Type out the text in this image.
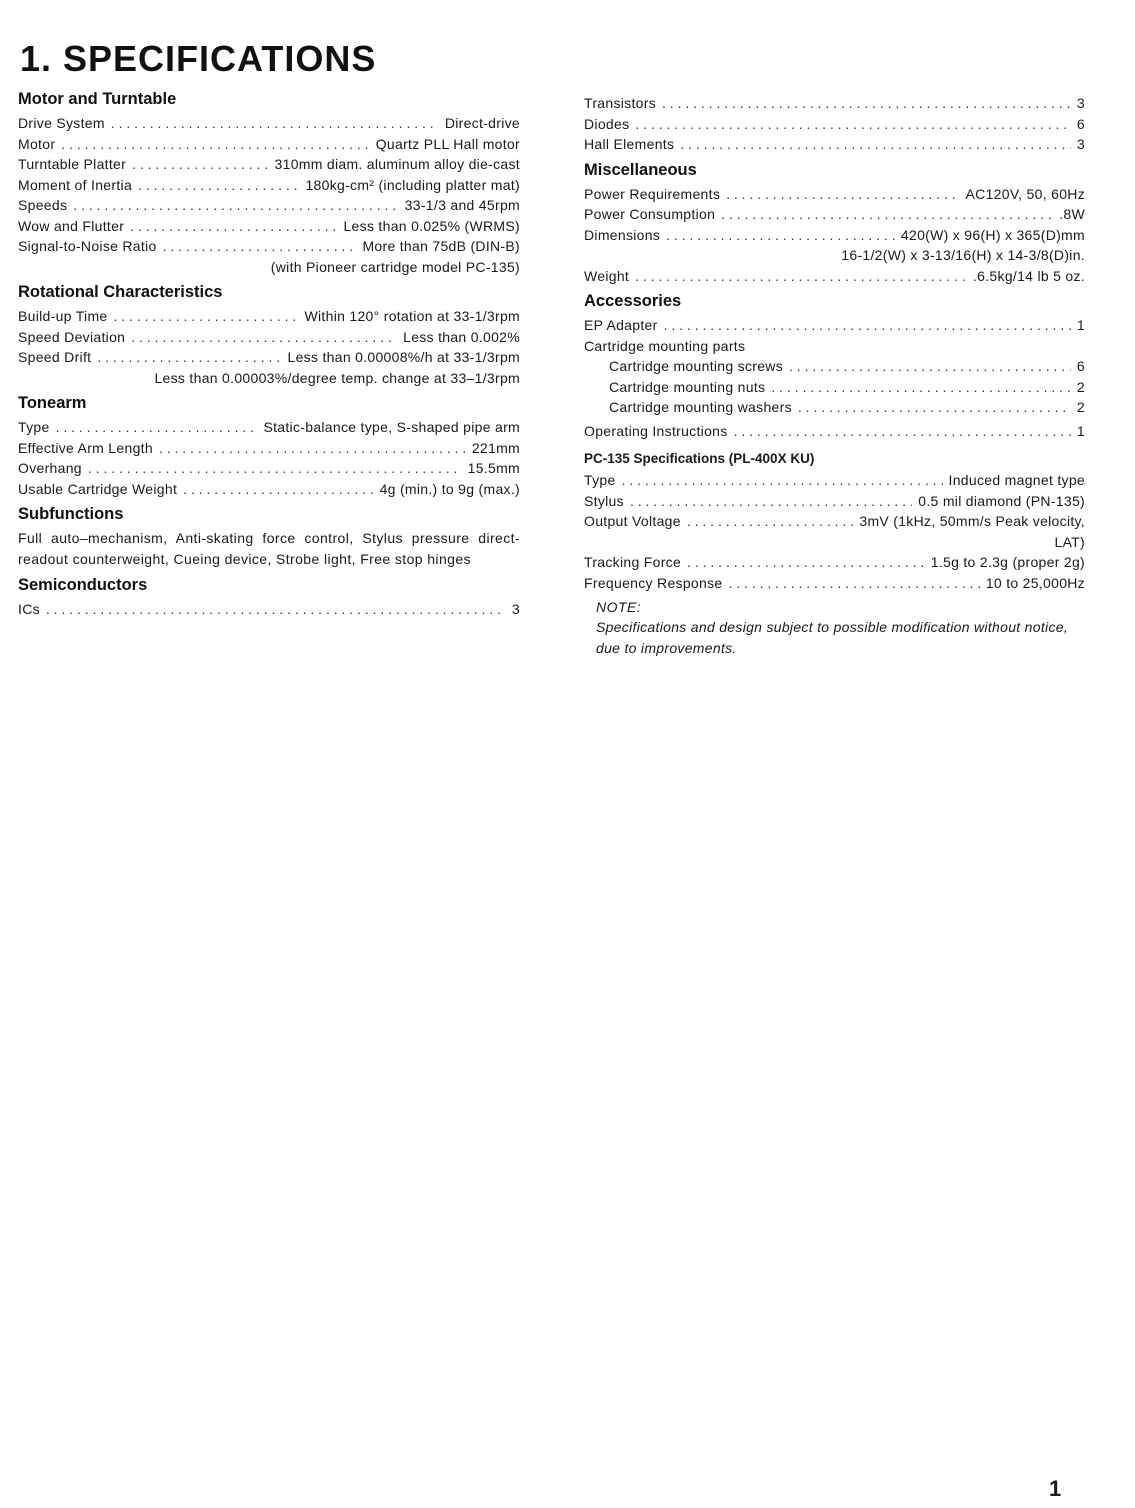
1. SPECIFICATIONS
Motor and Turntable
Drive System . . .	Direct-drive
Motor . . .	Quartz PLL Hall motor
Turntable Platter . . .	310mm diam. aluminum alloy die-cast
Moment of Inertia . . .	180kg-cm² (including platter mat)
Speeds . . .	33-1/3 and 45rpm
Wow and Flutter . . .	Less than 0.025% (WRMS)
Signal-to-Noise Ratio . . .	More than 75dB (DIN-B)
(with Pioneer cartridge model PC-135)
Rotational Characteristics
Build-up Time . . .	Within 120° rotation at 33-1/3rpm
Speed Deviation . . .	Less than 0.002%
Speed Drift . . .	Less than 0.00008%/h at 33-1/3rpm
Less than 0.00003%/degree temp. change at 33–1/3rpm
Tonearm
Type . . .	Static-balance type, S-shaped pipe arm
Effective Arm Length . . .	221mm
Overhang . . .	15.5mm
Usable Cartridge Weight . . .	4g (min.) to 9g (max.)
Subfunctions

Full auto–mechanism, Anti-skating force control, Stylus pressure direct-readout counterweight, Cueing device, Strobe light, Free stop hinges

Semiconductors
ICs . . .	3
Transistors . . .	3
Diodes . . .	6
Hall Elements . . .	3
Miscellaneous
Power Requirements . . .	AC120V, 50, 60Hz
Power Consumption . . .	.8W
Dimensions . . .	420(W) x 96(H) x 365(D)mm
16-1/2(W) x 3-13/16(H) x 14-3/8(D)in.
Weight . . .	.6.5kg/14 lb 5 oz.
Accessories
EP Adapter . . .	1
Cartridge mounting parts
Cartridge mounting screws . . .	6
Cartridge mounting nuts . . .	2
Cartridge mounting washers . . .	2
Operating Instructions . . .	1
PC-135 Specifications (PL-400X KU)
Type . . .	Induced magnet type
Stylus . . .	0.5 mil diamond (PN-135)
Output Voltage . . .	3mV (1kHz, 50mm/s Peak velocity,
LAT)
Tracking Force . . .	1.5g to 2.3g (proper 2g)
Frequency Response . . .	10 to 25,000Hz
NOTE:

Specifications and design subject to possible modification without notice, due to improvements.

1
